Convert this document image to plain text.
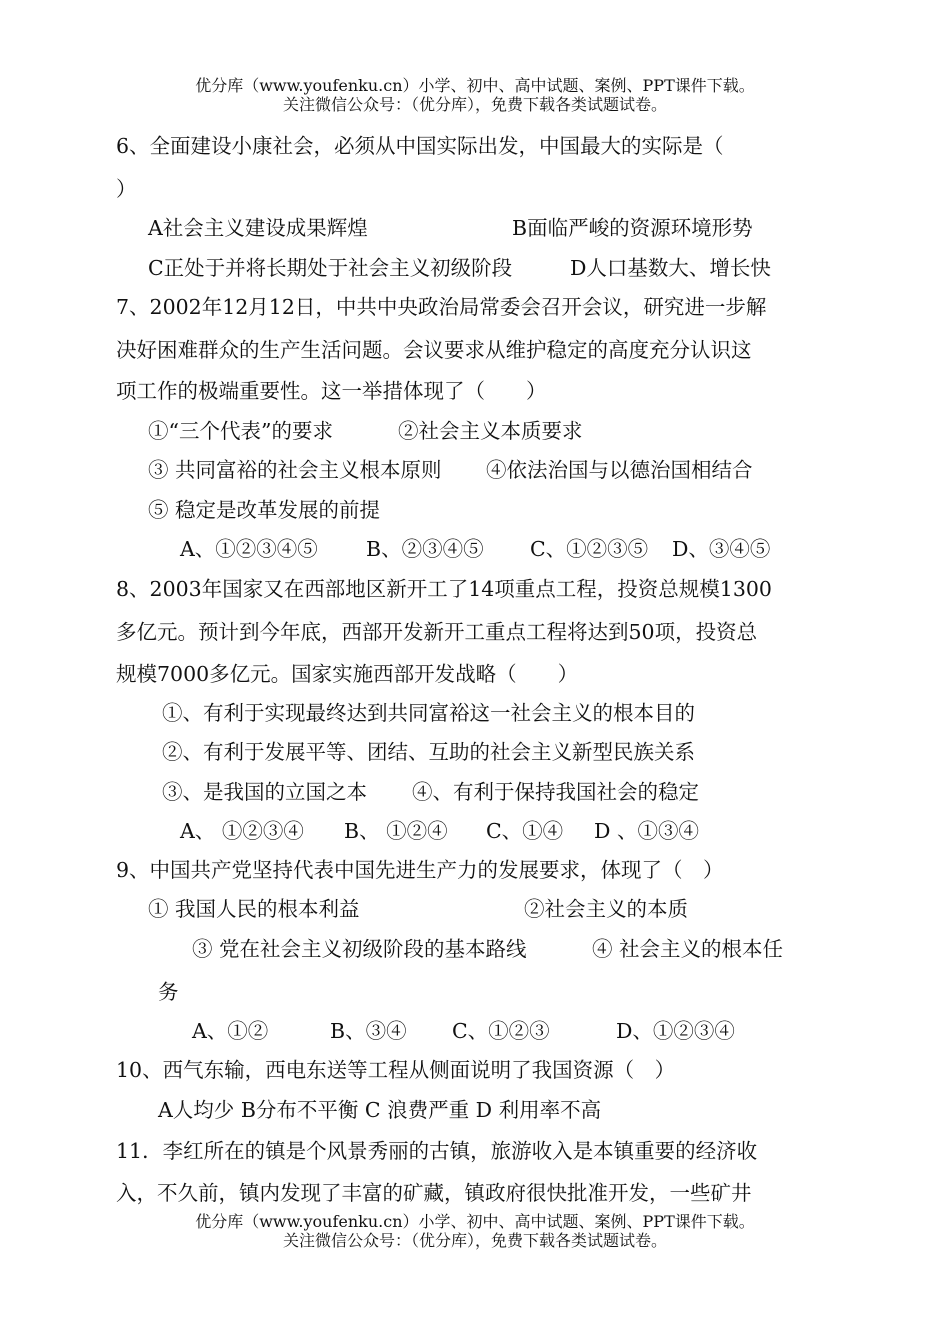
优分库（www.youfenku.cn）小学、初中、高中试题、案例、PPT课件下载。
关注微信公众号：（优分库），免费下载各类试题试卷。
6、全面建设小康社会，必须从中国实际出发，中国最大的实际是（
）
A社会主义建设成果辉煌	B面临严峻的资源环境形势
C正处于并将长期处于社会主义初级阶段	D人口基数大、增长快
7、2002年12月12日，中共中央政治局常委会召开会议，研究进一步解
决好困难群众的生产生活问题。会议要求从维护稳定的高度充分认识这
项工作的极端重要性。这一举措体现了（　　）
①“三个代表”的要求	②社会主义本质要求
③ 共同富裕的社会主义根本原则 ④依法治国与以德治国相结合
⑤ 稳定是改革发展的前提
A、①②③④⑤ B、②③④⑤ C、①②③⑤ D、③④⑤
8、2003年国家又在西部地区新开工了14项重点工程，投资总规模1300
多亿元。预计到今年底，西部开发新开工重点工程将达到50项，投资总
规模7000多亿元。国家实施西部开发战略（　　）
①、有利于实现最终达到共同富裕这一社会主义的根本目的
②、有利于发展平等、团结、互助的社会主义新型民族关系
③、是我国的立国之本 ④、有利于保持我国社会的稳定
A、 ①②③④ B、 ①②④ C、①④ D 、①③④
9、中国共产党坚持代表中国先进生产力的发展要求，体现了（　）
① 我国人民的根本利益	②社会主义的本质
③ 党在社会主义初级阶段的基本路线	④ 社会主义的根本任
务
A、①②	B、③④ C、①②③	D、①②③④
10、西气东输，西电东送等工程从侧面说明了我国资源（　）
A人均少 B分布不平衡 C 浪费严重 D 利用率不高
11．李红所在的镇是个风景秀丽的古镇，旅游收入是本镇重要的经济收
入，不久前，镇内发现了丰富的矿藏，镇政府很快批准开发，一些矿井
优分库（www.youfenku.cn）小学、初中、高中试题、案例、PPT课件下载。
关注微信公众号：（优分库），免费下载各类试题试卷。
